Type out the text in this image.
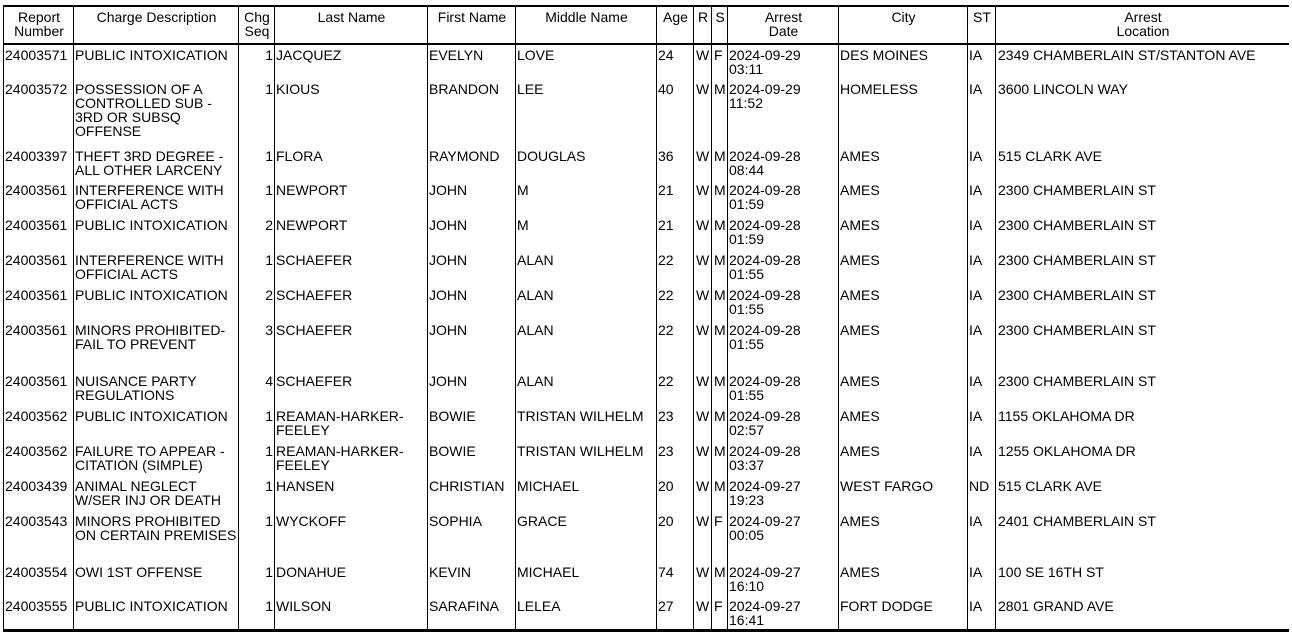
Report
Number	Charge Description	Chg
Seq	Last Name	First Name	Middle Name	Age	R	S	Arrest
Date	City	ST	Arrest
Location
24003571	PUBLIC INTOXICATION	1	JACQUEZ	EVELYN	LOVE	24	W	F	2024-09-29
03:11	DES MOINES	IA	2349 CHAMBERLAIN ST/STANTON AVE
24003572	POSSESSION OF A CONTROLLED SUB - 3RD OR SUBSQ OFFENSE	1	KIOUS	BRANDON	LEE	40	W	M	2024-09-29
11:52	HOMELESS	IA	3600 LINCOLN WAY
24003397	THEFT 3RD DEGREE - ALL OTHER LARCENY	1	FLORA	RAYMOND	DOUGLAS	36	W	M	2024-09-28
08:44	AMES	IA	515 CLARK AVE
24003561	INTERFERENCE WITH OFFICIAL ACTS	1	NEWPORT	JOHN	M	21	W	M	2024-09-28
01:59	AMES	IA	2300 CHAMBERLAIN ST
24003561	PUBLIC INTOXICATION	2	NEWPORT	JOHN	M	21	W	M	2024-09-28
01:59	AMES	IA	2300 CHAMBERLAIN ST
24003561	INTERFERENCE WITH OFFICIAL ACTS	1	SCHAEFER	JOHN	ALAN	22	W	M	2024-09-28
01:55	AMES	IA	2300 CHAMBERLAIN ST
24003561	PUBLIC INTOXICATION	2	SCHAEFER	JOHN	ALAN	22	W	M	2024-09-28
01:55	AMES	IA	2300 CHAMBERLAIN ST
24003561	MINORS PROHIBITED-FAIL TO PREVENT	3	SCHAEFER	JOHN	ALAN	22	W	M	2024-09-28
01:55	AMES	IA	2300 CHAMBERLAIN ST
24003561	NUISANCE PARTY REGULATIONS	4	SCHAEFER	JOHN	ALAN	22	W	M	2024-09-28
01:55	AMES	IA	2300 CHAMBERLAIN ST
24003562	PUBLIC INTOXICATION	1	REAMAN-HARKER-FEELEY	BOWIE	TRISTAN WILHELM	23	W	M	2024-09-28
02:57	AMES	IA	1155 OKLAHOMA DR
24003562	FAILURE TO APPEAR - CITATION (SIMPLE)	1	REAMAN-HARKER-FEELEY	BOWIE	TRISTAN WILHELM	23	W	M	2024-09-28
03:37	AMES	IA	1255 OKLAHOMA DR
24003439	ANIMAL NEGLECT W/SER INJ OR DEATH	1	HANSEN	CHRISTIAN	MICHAEL	20	W	M	2024-09-27
19:23	WEST FARGO	ND	515 CLARK AVE
24003543	MINORS PROHIBITED ON CERTAIN PREMISES	1	WYCKOFF	SOPHIA	GRACE	20	W	F	2024-09-27
00:05	AMES	IA	2401 CHAMBERLAIN ST
24003554	OWI 1ST OFFENSE	1	DONAHUE	KEVIN	MICHAEL	74	W	M	2024-09-27
16:10	AMES	IA	100 SE 16TH ST
24003555	PUBLIC INTOXICATION	1	WILSON	SARAFINA	LELEA	27	W	F	2024-09-27
16:41	FORT DODGE	IA	2801 GRAND AVE
